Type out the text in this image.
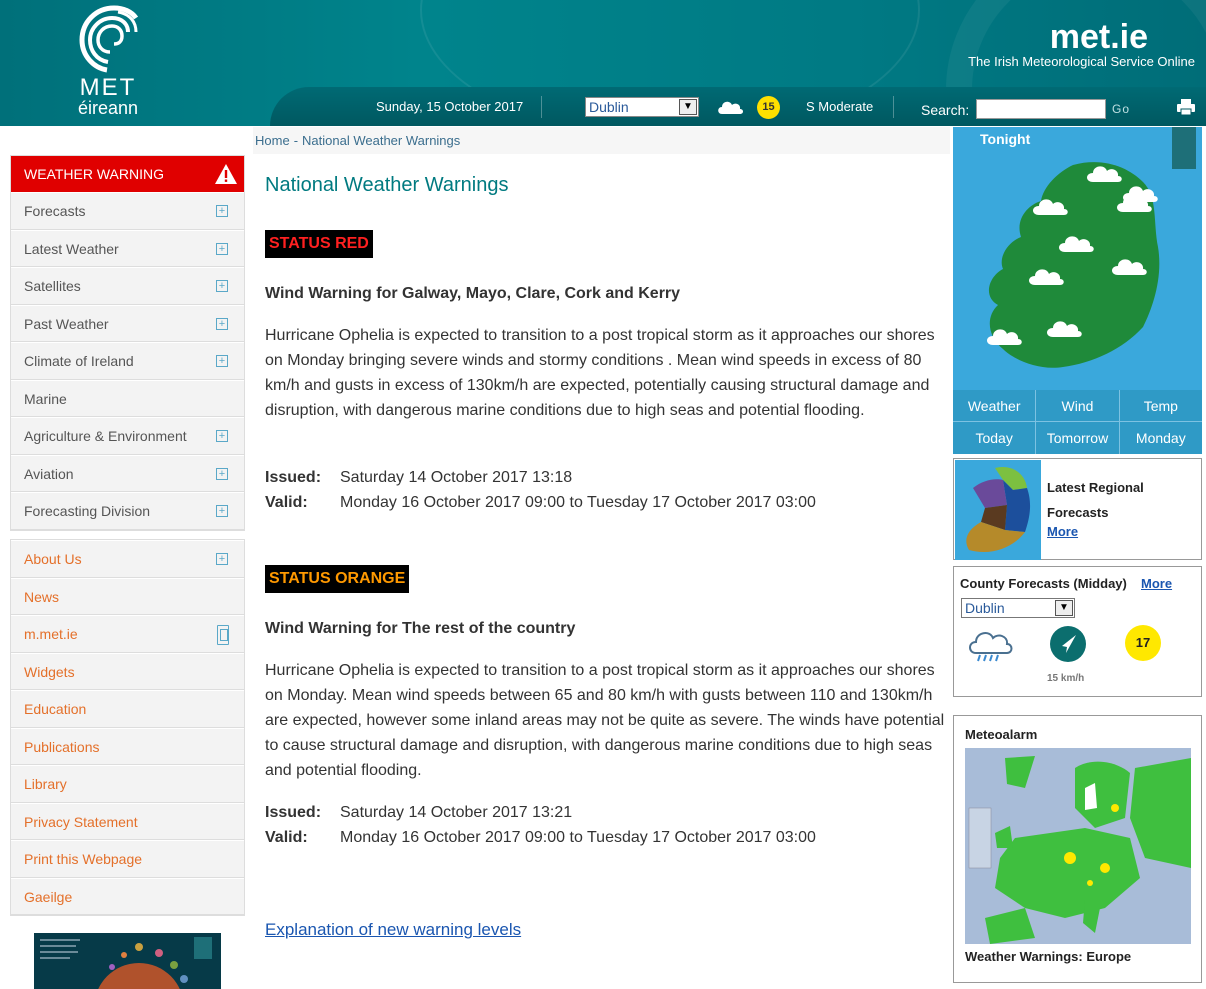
MET
éireann
met.ie
The Irish Meteorological Service Online
Sunday, 15 October 2017	Dublin	▼	15	S Moderate	Search:	Go
WEATHER WARNING
Forecasts	+
Latest Weather	+
Satellites	+
Past Weather	+
Climate of Ireland	+
Marine
Agriculture & Environment	+
Aviation	+
Forecasting Division	+
About Us	+
News
m.met.ie
Widgets
Education
Publications
Library
Privacy Statement
Print this Webpage
Gaeilge
Home - National Weather Warnings
National Weather Warnings
STATUS RED
Wind Warning for Galway, Mayo, Clare, Cork and Kerry
Hurricane Ophelia is expected to transition to a post tropical storm as it approaches our shores on Monday bringing severe winds and stormy conditions . Mean wind speeds in excess of 80 km/h and gusts in excess of 130km/h are expected, potentially causing structural damage and disruption, with dangerous marine conditions due to high seas and potential flooding.
Issued: Saturday 14 October 2017 13:18
Valid: Monday 16 October 2017 09:00 to Tuesday 17 October 2017 03:00
STATUS ORANGE
Wind Warning for The rest of the country
Hurricane Ophelia is expected to transition to a post tropical storm as it approaches our shores on Monday. Mean wind speeds between 65 and 80 km/h with gusts between 110 and 130km/h are expected, however some inland areas may not be quite as severe. The winds have potential to cause structural damage and disruption, with dangerous marine conditions due to high seas and potential flooding.
Issued: Saturday 14 October 2017 13:21
Valid: Monday 16 October 2017 09:00 to Tuesday 17 October 2017 03:00
Explanation of new warning levels
Tonight
Weather	Wind	Temp
Today	Tomorrow	Monday
Latest Regional
Forecasts
More
County Forecasts (Midday) More
Dublin	▼
15 km/h
17
Meteoalarm
Weather Warnings: Europe
